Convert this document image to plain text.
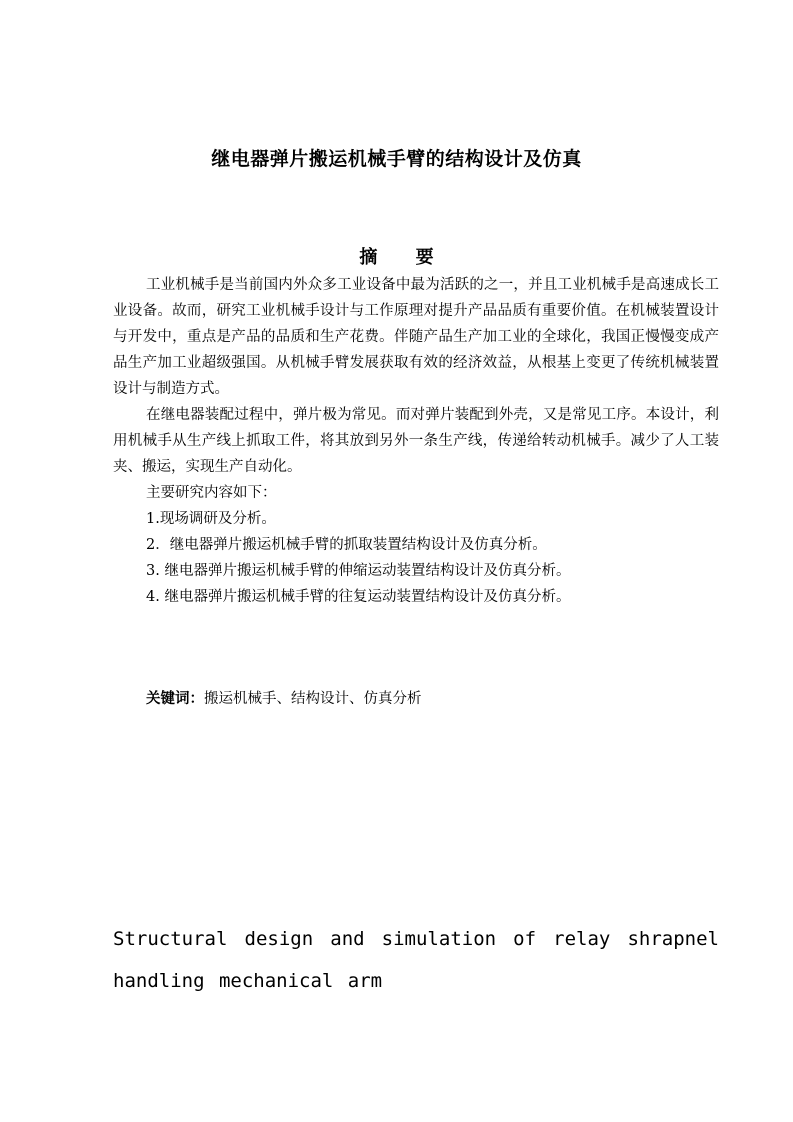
继电器弹片搬运机械手臂的结构设计及仿真
摘 要

工业机械手是当前国内外众多工业设备中最为活跃的之一，并且工业机械手是高速成长工业设备。故而，研究工业机械手设计与工作原理对提升产品品质有重要价值。在机械装置设计与开发中，重点是产品的品质和生产花费。伴随产品生产加工业的全球化，我国正慢慢变成产品生产加工业超级强国。从机械手臂发展获取有效的经济效益，从根基上变更了传统机械装置设计与制造方式。

在继电器装配过程中，弹片极为常见。而对弹片装配到外壳，又是常见工序。本设计，利用机械手从生产线上抓取工件，将其放到另外一条生产线，传递给转动机械手。减少了人工装夹、搬运，实现生产自动化。

主要研究内容如下：

1.现场调研及分析。

2．继电器弹片搬运机械手臂的抓取装置结构设计及仿真分析。

3. 继电器弹片搬运机械手臂的伸缩运动装置结构设计及仿真分析。

4. 继电器弹片搬运机械手臂的往复运动装置结构设计及仿真分析。

关键词：搬运机械手、结构设计、仿真分析
Structural design and simulation of relay shrapnel handling mechanical arm
